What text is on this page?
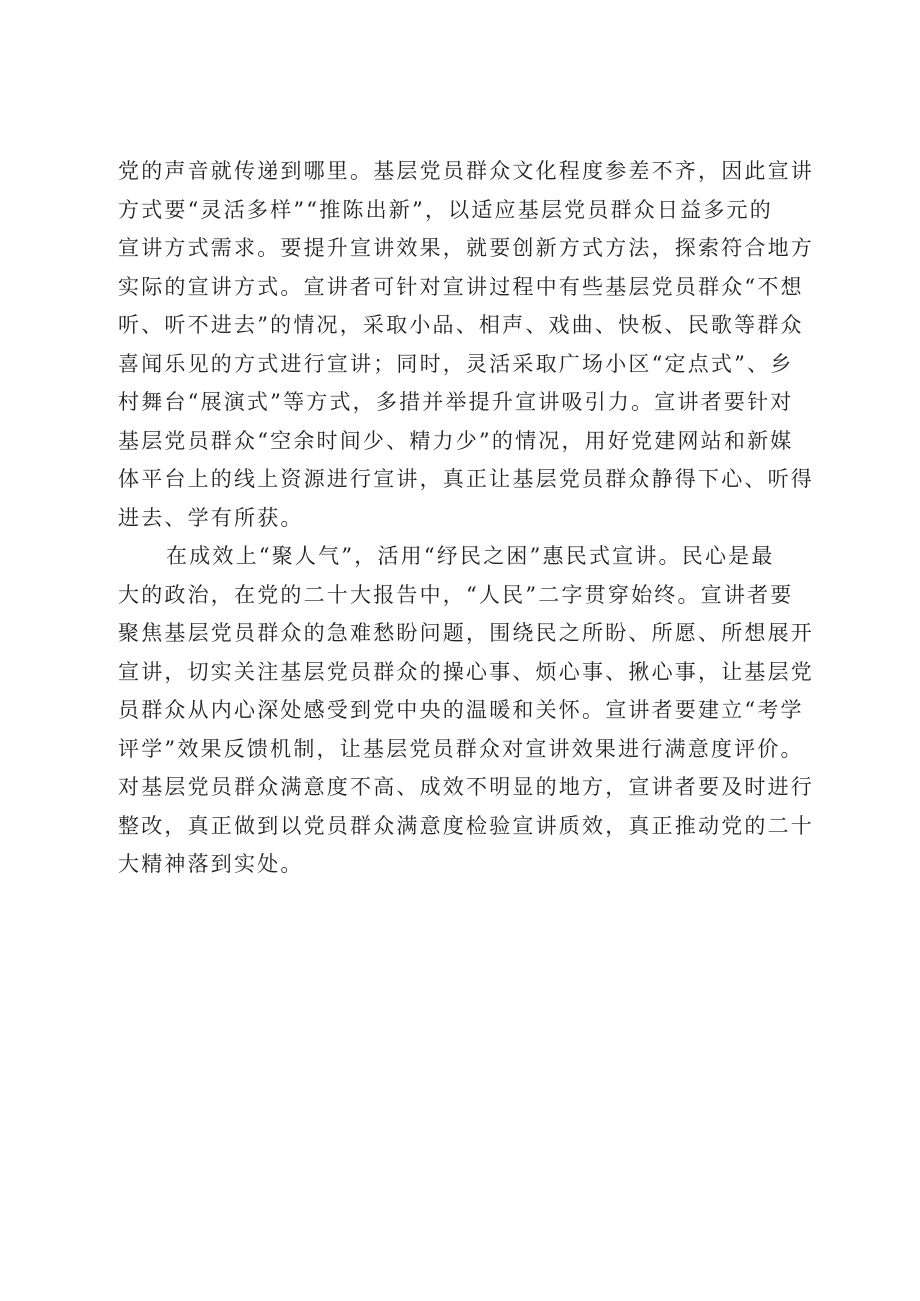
党的声音就传递到哪里。基层党员群众文化程度参差不齐，因此宣讲
方式要“灵活多样”“推陈出新”，以适应基层党员群众日益多元的
宣讲方式需求。要提升宣讲效果，就要创新方式方法，探索符合地方
实际的宣讲方式。宣讲者可针对宣讲过程中有些基层党员群众“不想
听、听不进去”的情况，采取小品、相声、戏曲、快板、民歌等群众
喜闻乐见的方式进行宣讲；同时，灵活采取广场小区“定点式”、乡
村舞台“展演式”等方式，多措并举提升宣讲吸引力。宣讲者要针对
基层党员群众“空余时间少、精力少”的情况，用好党建网站和新媒
体平台上的线上资源进行宣讲，真正让基层党员群众静得下心、听得
进去、学有所获。
在成效上“聚人气”，活用“纾民之困”惠民式宣讲。民心是最
大的政治，在党的二十大报告中，“人民”二字贯穿始终。宣讲者要
聚焦基层党员群众的急难愁盼问题，围绕民之所盼、所愿、所想展开
宣讲，切实关注基层党员群众的操心事、烦心事、揪心事，让基层党
员群众从内心深处感受到党中央的温暖和关怀。宣讲者要建立“考学
评学”效果反馈机制，让基层党员群众对宣讲效果进行满意度评价。
对基层党员群众满意度不高、成效不明显的地方，宣讲者要及时进行
整改，真正做到以党员群众满意度检验宣讲质效，真正推动党的二十
大精神落到实处。
